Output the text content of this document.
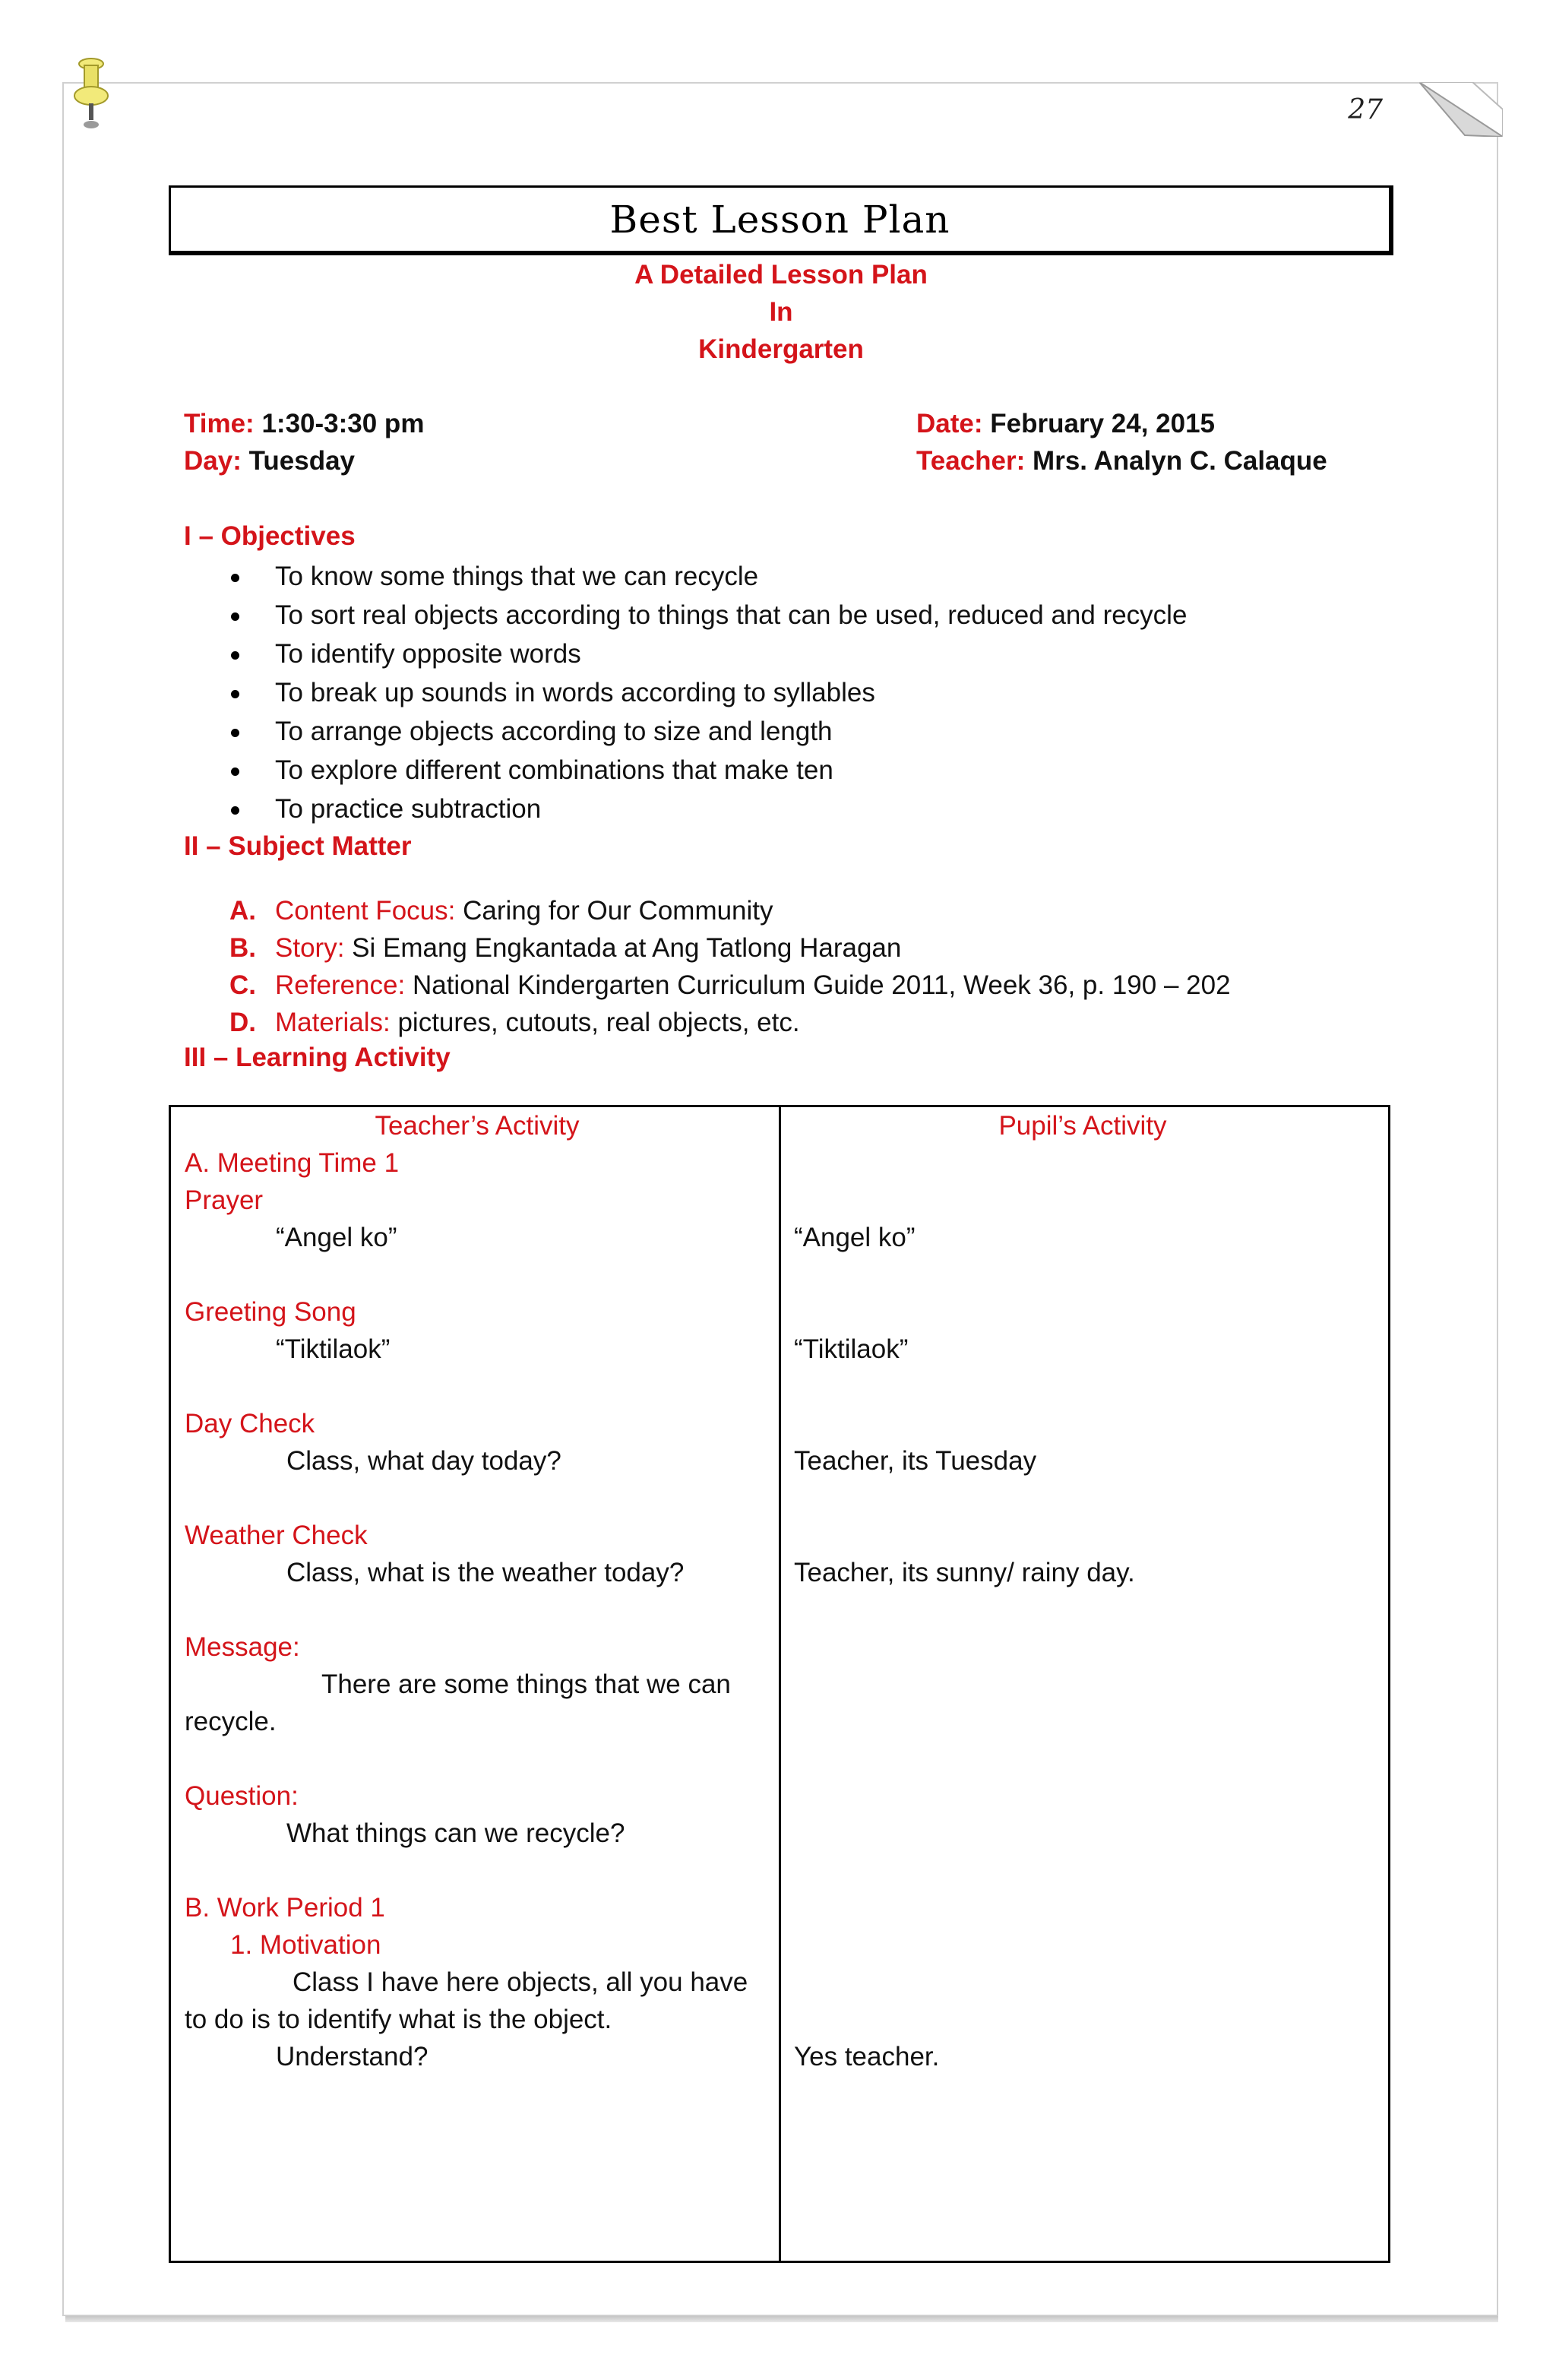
27
Best Lesson Plan
A Detailed Lesson Plan
In
Kindergarten
Time: 1:30-3:30 pm
Day: Tuesday
Date: February 24, 2015
Teacher: Mrs. Analyn C. Calaque
I – Objectives
To know some things that we can recycle
To sort real objects according to things that can be used, reduced and recycle
To identify opposite words
To break up sounds in words according to syllables
To arrange objects according to size and length
To explore different combinations that make ten
To practice subtraction
II – Subject Matter
A. Content Focus:
Caring for Our Community
B. Story:
Si Emang Engkantada at Ang Tatlong Haragan
C. Reference:
National Kindergarten Curriculum Guide 2011, Week 36, p. 190 – 202
D. Materials:
pictures, cutouts, real objects, etc.
III – Learning Activity
Teacher’s Activity	Pupil’s Activity
A. Meeting Time 1
Prayer
“Angel ko”	“Angel ko”
Greeting Song
“Tiktilaok”	“Tiktilaok”
Day Check
Class, what day today?	Teacher, its Tuesday
Weather Check
Class, what is the weather today?	Teacher, its sunny/ rainy day.
Message:
There are some things that we can
recycle.
Question:
What things can we recycle?
B. Work Period 1
1. Motivation
Class I have here objects, all you have
to do is to identify what is the object.
Understand?	Yes teacher.
